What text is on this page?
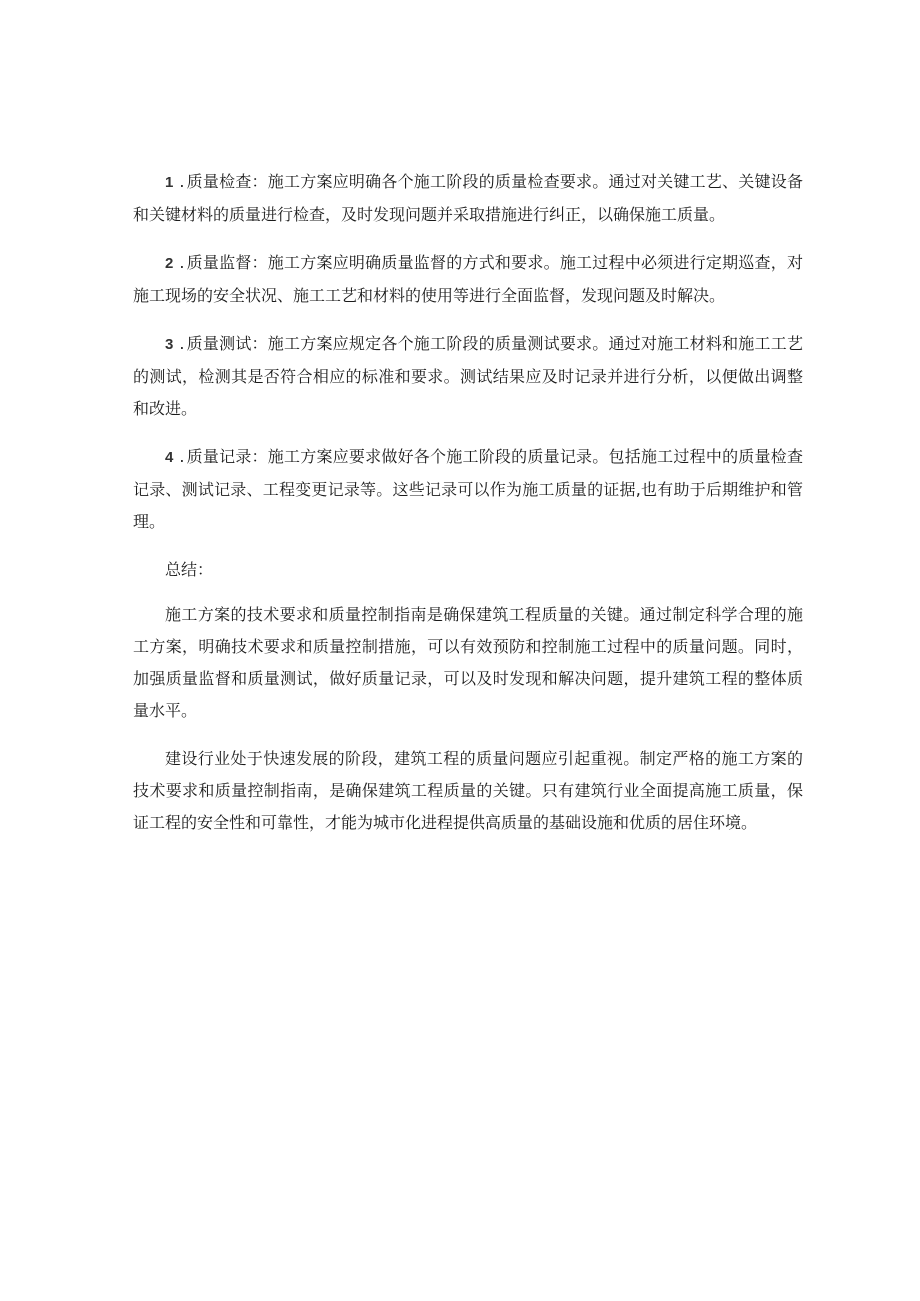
1 . 质量检查：施工方案应明确各个施工阶段的质量检查要求。通过对关键工艺、关键设备和关键材料的质量进行检查，及时发现问题并采取措施进行纠正，以确保施工质量。

2 . 质量监督：施工方案应明确质量监督的方式和要求。施工过程中必须进行定期巡查，对施工现场的安全状况、施工工艺和材料的使用等进行全面监督，发现问题及时解决。

3 . 质量测试：施工方案应规定各个施工阶段的质量测试要求。通过对施工材料和施工工艺的测试，检测其是否符合相应的标准和要求。测试结果应及时记录并进行分析，以便做出调整和改进。

4 . 质量记录：施工方案应要求做好各个施工阶段的质量记录。包括施工过程中的质量检查记录、测试记录、工程变更记录等。这些记录可以作为施工质量的证据,也有助于后期维护和管理。

总结：

施工方案的技术要求和质量控制指南是确保建筑工程质量的关键。通过制定科学合理的施工方案，明确技术要求和质量控制措施，可以有效预防和控制施工过程中的质量问题。同时，加强质量监督和质量测试，做好质量记录，可以及时发现和解决问题，提升建筑工程的整体质量水平。

建设行业处于快速发展的阶段，建筑工程的质量问题应引起重视。制定严格的施工方案的技术要求和质量控制指南，是确保建筑工程质量的关键。只有建筑行业全面提高施工质量，保证工程的安全性和可靠性，才能为城市化进程提供高质量的基础设施和优质的居住环境。
